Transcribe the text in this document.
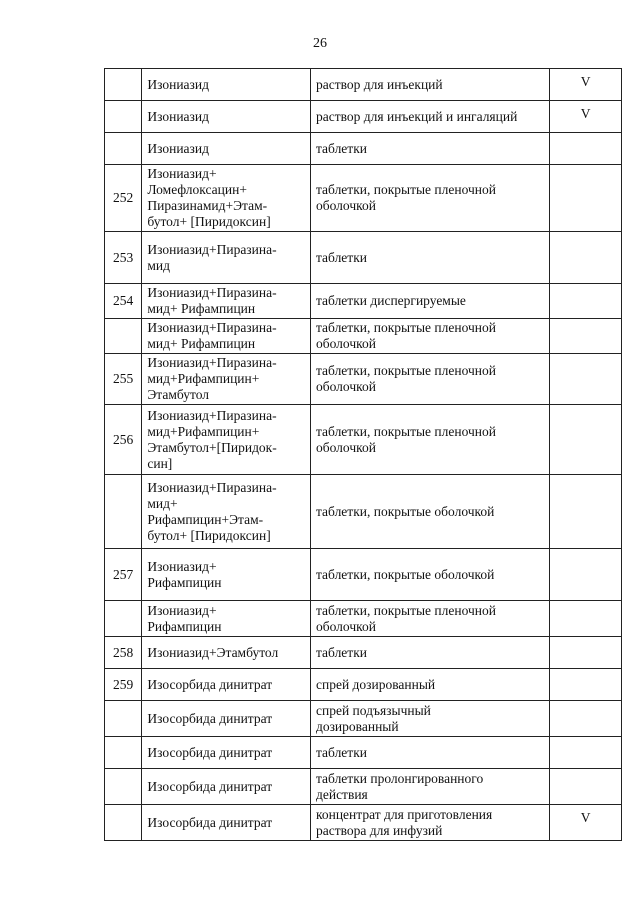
26

	Изониазид	раствор для инъекций	V

	Изониазид	раствор для инъекций и ингаляций	V

	Изониазид	таблетки	

252	Изониазид+
Ломефлоксацин+
Пиразинамид+Этам-
бутол+ [Пиридоксин]	таблетки, покрытые пленочной
оболочкой	

253	Изониазид+Пиразина-
мид	таблетки	

254	Изониазид+Пиразина-
мид+ Рифампицин	таблетки диспергируемые	

	Изониазид+Пиразина-
мид+ Рифампицин	таблетки, покрытые пленочной
оболочкой	

255	Изониазид+Пиразина-
мид+Рифампицин+
Этамбутол	таблетки, покрытые пленочной
оболочкой	

256	Изониазид+Пиразина-
мид+Рифампицин+
Этамбутол+[Пиридок-
син]	таблетки, покрытые пленочной
оболочкой	

	Изониазид+Пиразина-
мид+
Рифампицин+Этам-
бутол+ [Пиридоксин]	таблетки, покрытые оболочкой	

257	Изониазид+
Рифампицин	таблетки, покрытые оболочкой	

	Изониазид+
Рифампицин	таблетки, покрытые пленочной
оболочкой	

258	Изониазид+Этамбутол	таблетки	

259	Изосорбида динитрат	спрей дозированный	

	Изосорбида динитрат	спрей подъязычный
дозированный	

	Изосорбида динитрат	таблетки	

	Изосорбида динитрат	таблетки пролонгированного
действия	

	Изосорбида динитрат	концентрат для приготовления
раствора для инфузий	V
